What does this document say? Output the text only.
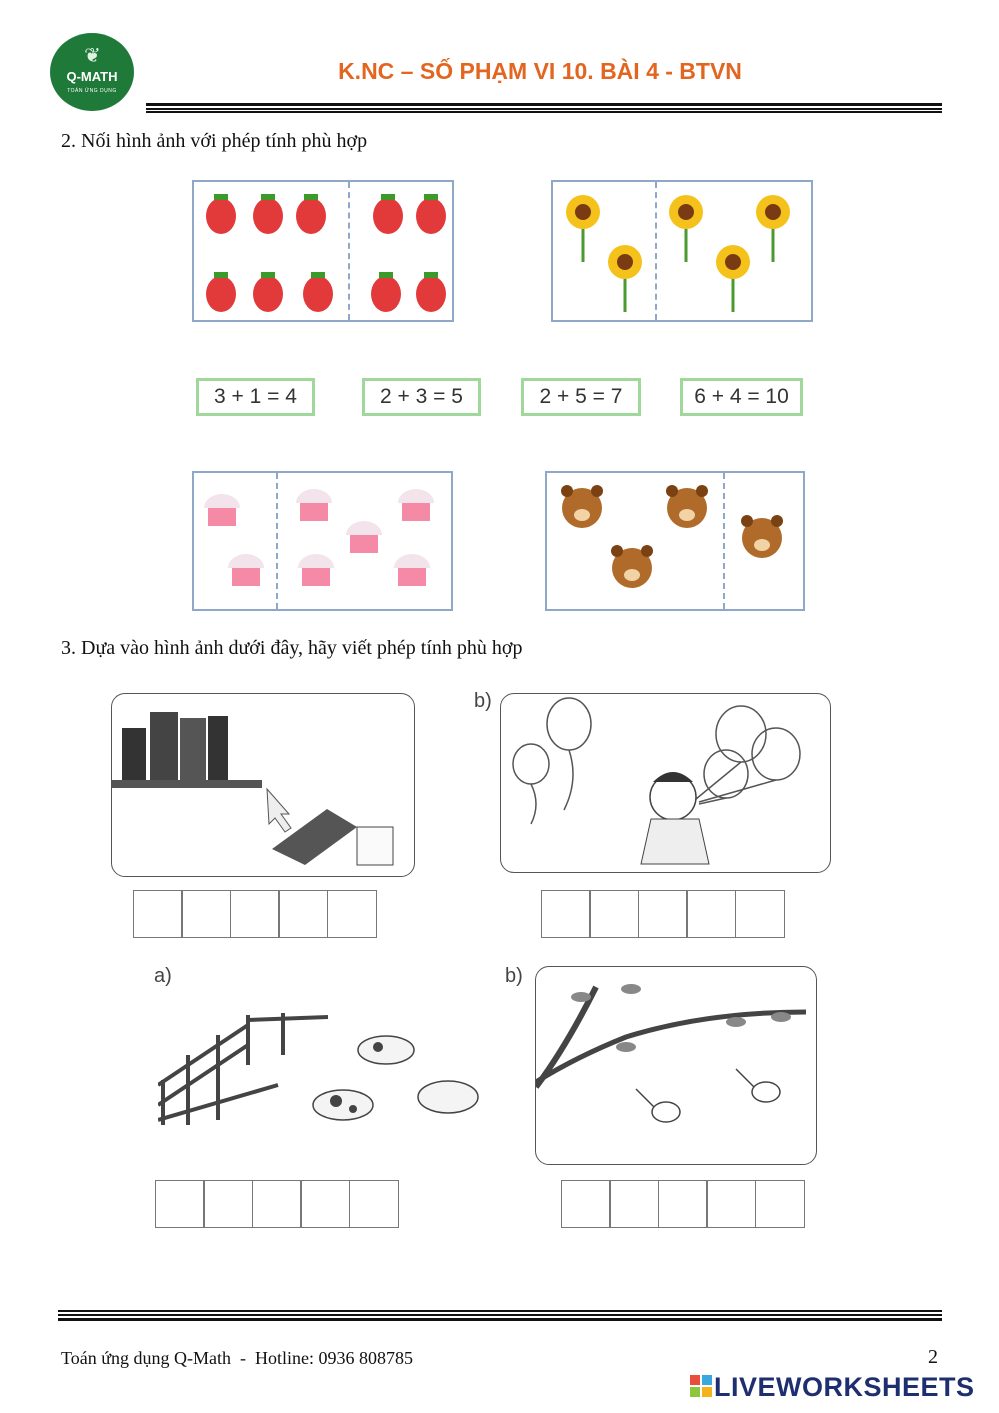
❦
Q-MATH
TOÁN ỨNG DỤNG
K.NC – SỐ PHẠM VI 10. BÀI 4 - BTVN
2. Nối hình ảnh với phép tính phù hợp
3 + 1 = 4	2 + 3 = 5	2 + 5 = 7	6 + 4 = 10
3. Dựa vào hình ảnh dưới đây, hãy viết phép tính phù hợp
b)
a)	b)
Toán ứng dụng Q-Math  -  Hotline: 0936 808785	2
LIVEWORKSHEETS
